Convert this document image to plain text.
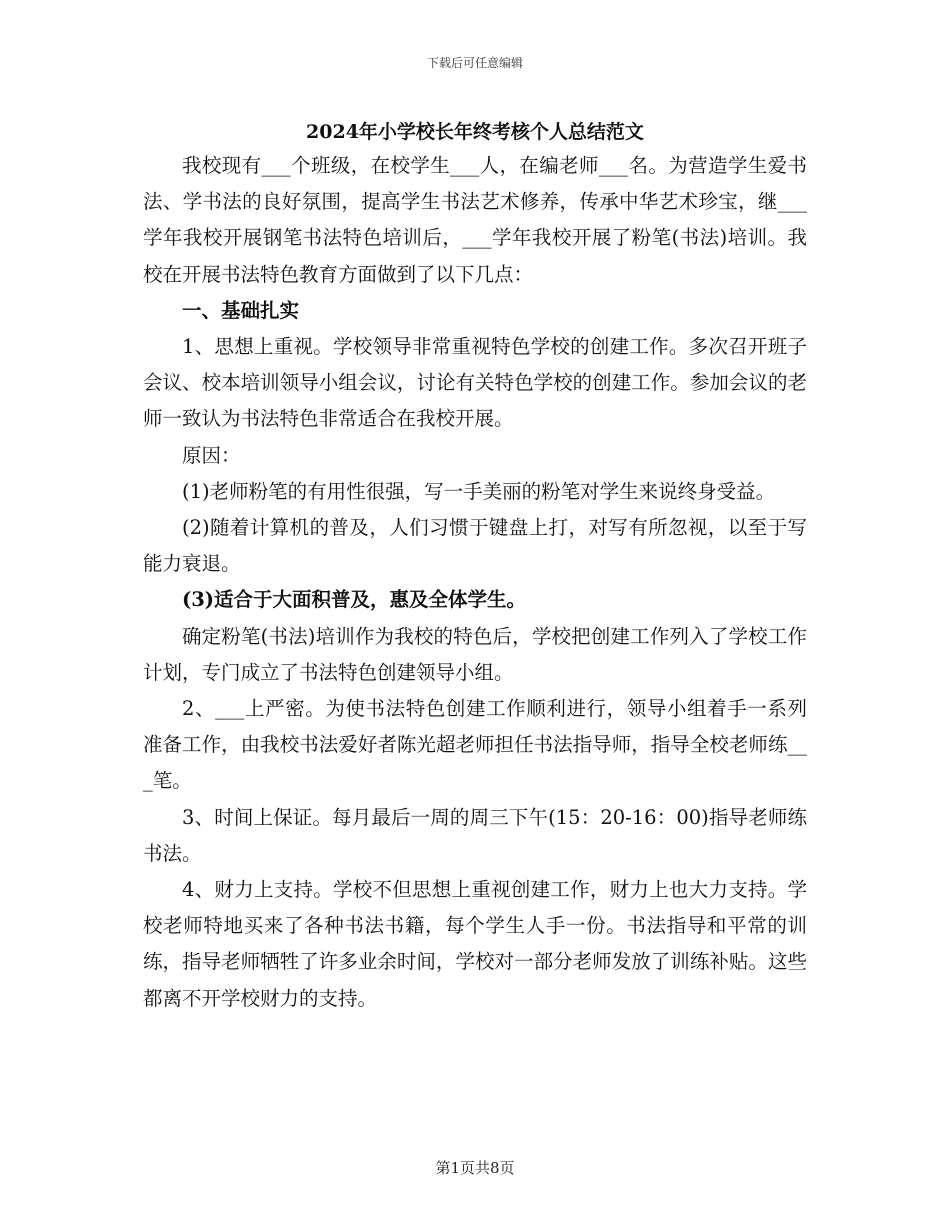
下载后可任意编辑
2024年小学校长年终考核个人总结范文

我校现有___个班级，在校学生___人，在编老师___名。为营造学生爱书法、学书法的良好氛围，提高学生书法艺术修养，传承中华艺术珍宝，继___学年我校开展钢笔书法特色培训后，___学年我校开展了粉笔(书法)培训。我校在开展书法特色教育方面做到了以下几点：

一、基础扎实

1、思想上重视。学校领导非常重视特色学校的创建工作。多次召开班子会议、校本培训领导小组会议，讨论有关特色学校的创建工作。参加会议的老师一致认为书法特色非常适合在我校开展。

原因：

(1)老师粉笔的有用性很强，写一手美丽的粉笔对学生来说终身受益。

(2)随着计算机的普及，人们习惯于键盘上打，对写有所忽视，以至于写能力衰退。

(3)适合于大面积普及，惠及全体学生。

确定粉笔(书法)培训作为我校的特色后，学校把创建工作列入了学校工作计划，专门成立了书法特色创建领导小组。

2、___上严密。为使书法特色创建工作顺利进行，领导小组着手一系列准备工作，由我校书法爱好者陈光超老师担任书法指导师，指导全校老师练___笔。

3、时间上保证。每月最后一周的周三下午(15：20-16：00)指导老师练书法。

4、财力上支持。学校不但思想上重视创建工作，财力上也大力支持。学校老师特地买来了各种书法书籍，每个学生人手一份。书法指导和平常的训练，指导老师牺牲了许多业余时间，学校对一部分老师发放了训练补贴。这些都离不开学校财力的支持。

第1页共8页
